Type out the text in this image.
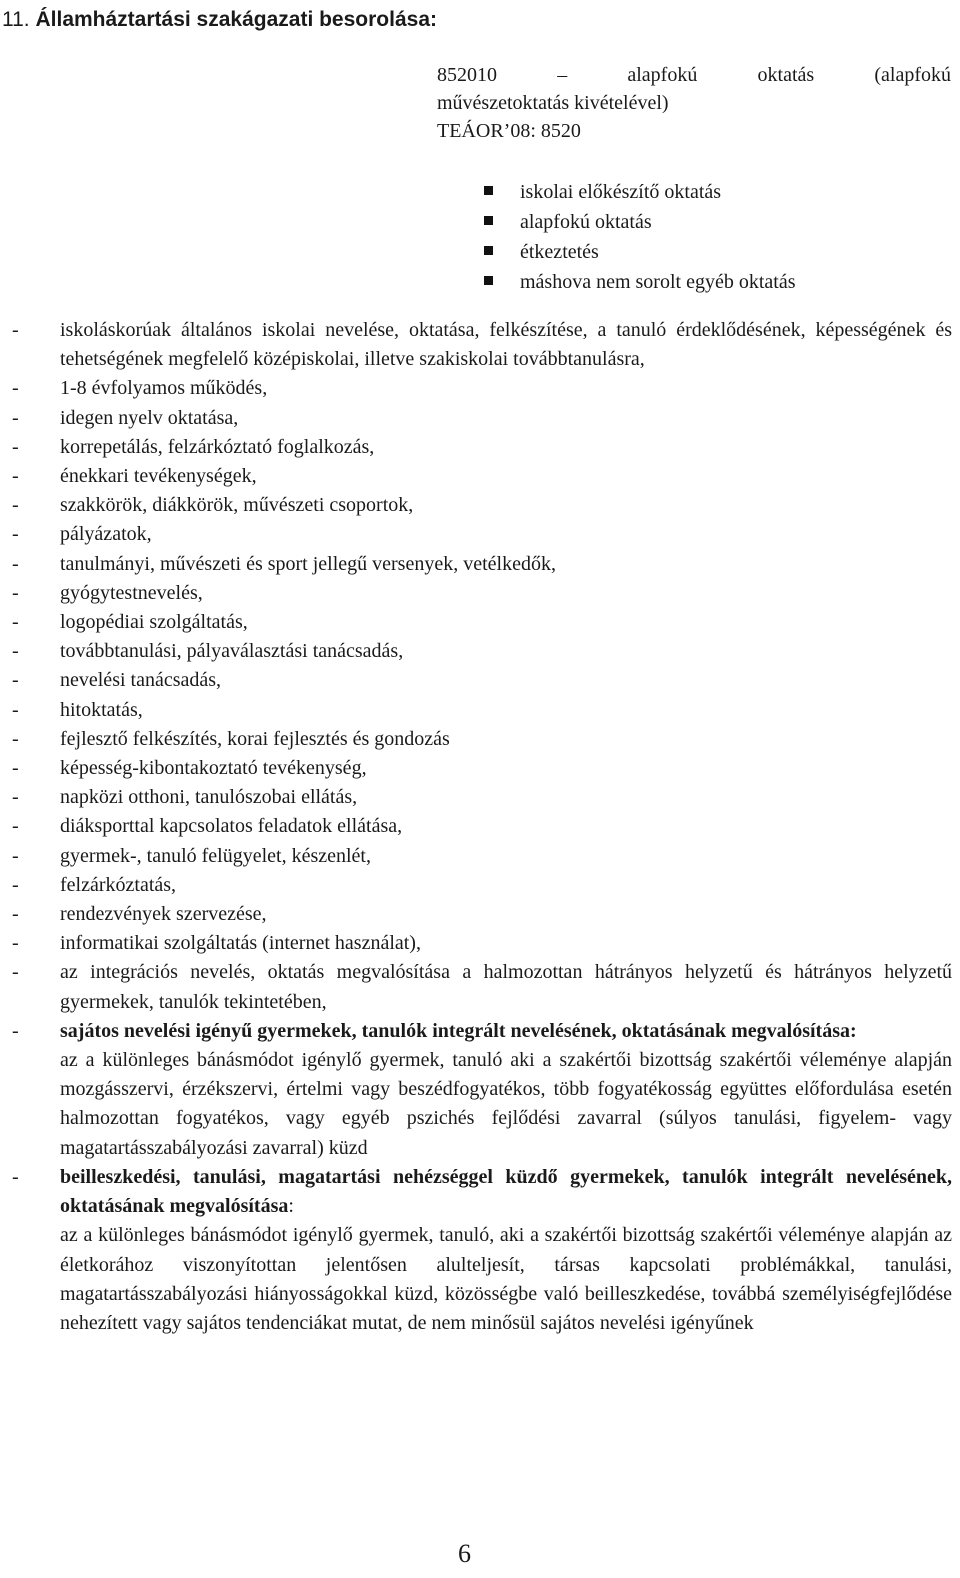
11. Államháztartási szakágazati besorolása:
852010	–	alapfokú	oktatás	(alapfokú
művészetoktatás kivételével)
TEÁOR’08: 8520
iskolai előkészítő oktatás
alapfokú oktatás
étkeztetés
máshova nem sorolt egyéb oktatás
- iskoláskorúak általános iskolai nevelése, oktatása, felkészítése, a tanuló érdeklődésének, képességének és tehetségének megfelelő középiskolai, illetve szakiskolai továbbtanulásra,
- 1-8 évfolyamos működés,
- idegen nyelv oktatása,
- korrepetálás, felzárkóztató foglalkozás,
- énekkari tevékenységek,
- szakkörök, diákkörök, művészeti csoportok,
- pályázatok,
- tanulmányi, művészeti és sport jellegű versenyek, vetélkedők,
- gyógytestnevelés,
- logopédiai szolgáltatás,
- továbbtanulási, pályaválasztási tanácsadás,
- nevelési tanácsadás,
- hitoktatás,
- fejlesztő felkészítés, korai fejlesztés és gondozás
- képesség-kibontakoztató tevékenység,
- napközi otthoni, tanulószobai ellátás,
- diáksporttal kapcsolatos feladatok ellátása,
- gyermek-, tanuló felügyelet, készenlét,
- felzárkóztatás,
- rendezvények szervezése,
- informatikai szolgáltatás (internet használat),
- az integrációs nevelés, oktatás megvalósítása a halmozottan hátrányos helyzetű és hátrányos helyzetű gyermekek, tanulók tekintetében,
- sajátos nevelési igényű gyermekek, tanulók integrált nevelésének, oktatásának megvalósítása:
az a különleges bánásmódot igénylő gyermek, tanuló aki a szakértői bizottság szakértői véleménye alapján mozgásszervi, érzékszervi, értelmi vagy beszédfogyatékos, több fogyatékosság együttes előfordulása esetén halmozottan fogyatékos, vagy egyéb pszichés fejlődési zavarral (súlyos tanulási, figyelem- vagy magatartásszabályozási zavarral) küzd
- beilleszkedési, tanulási, magatartási nehézséggel küzdő gyermekek, tanulók integrált nevelésének, oktatásának megvalósítása:
az a különleges bánásmódot igénylő gyermek, tanuló, aki a szakértői bizottság szakértői véleménye alapján az életkorához viszonyítottan jelentősen alulteljesít, társas kapcsolati problémákkal, tanulási, magatartásszabályozási hiányosságokkal küzd, közösségbe való beilleszkedése, továbbá személyiségfejlődése nehezített vagy sajátos tendenciákat mutat, de nem minősül sajátos nevelési igényűnek
6
